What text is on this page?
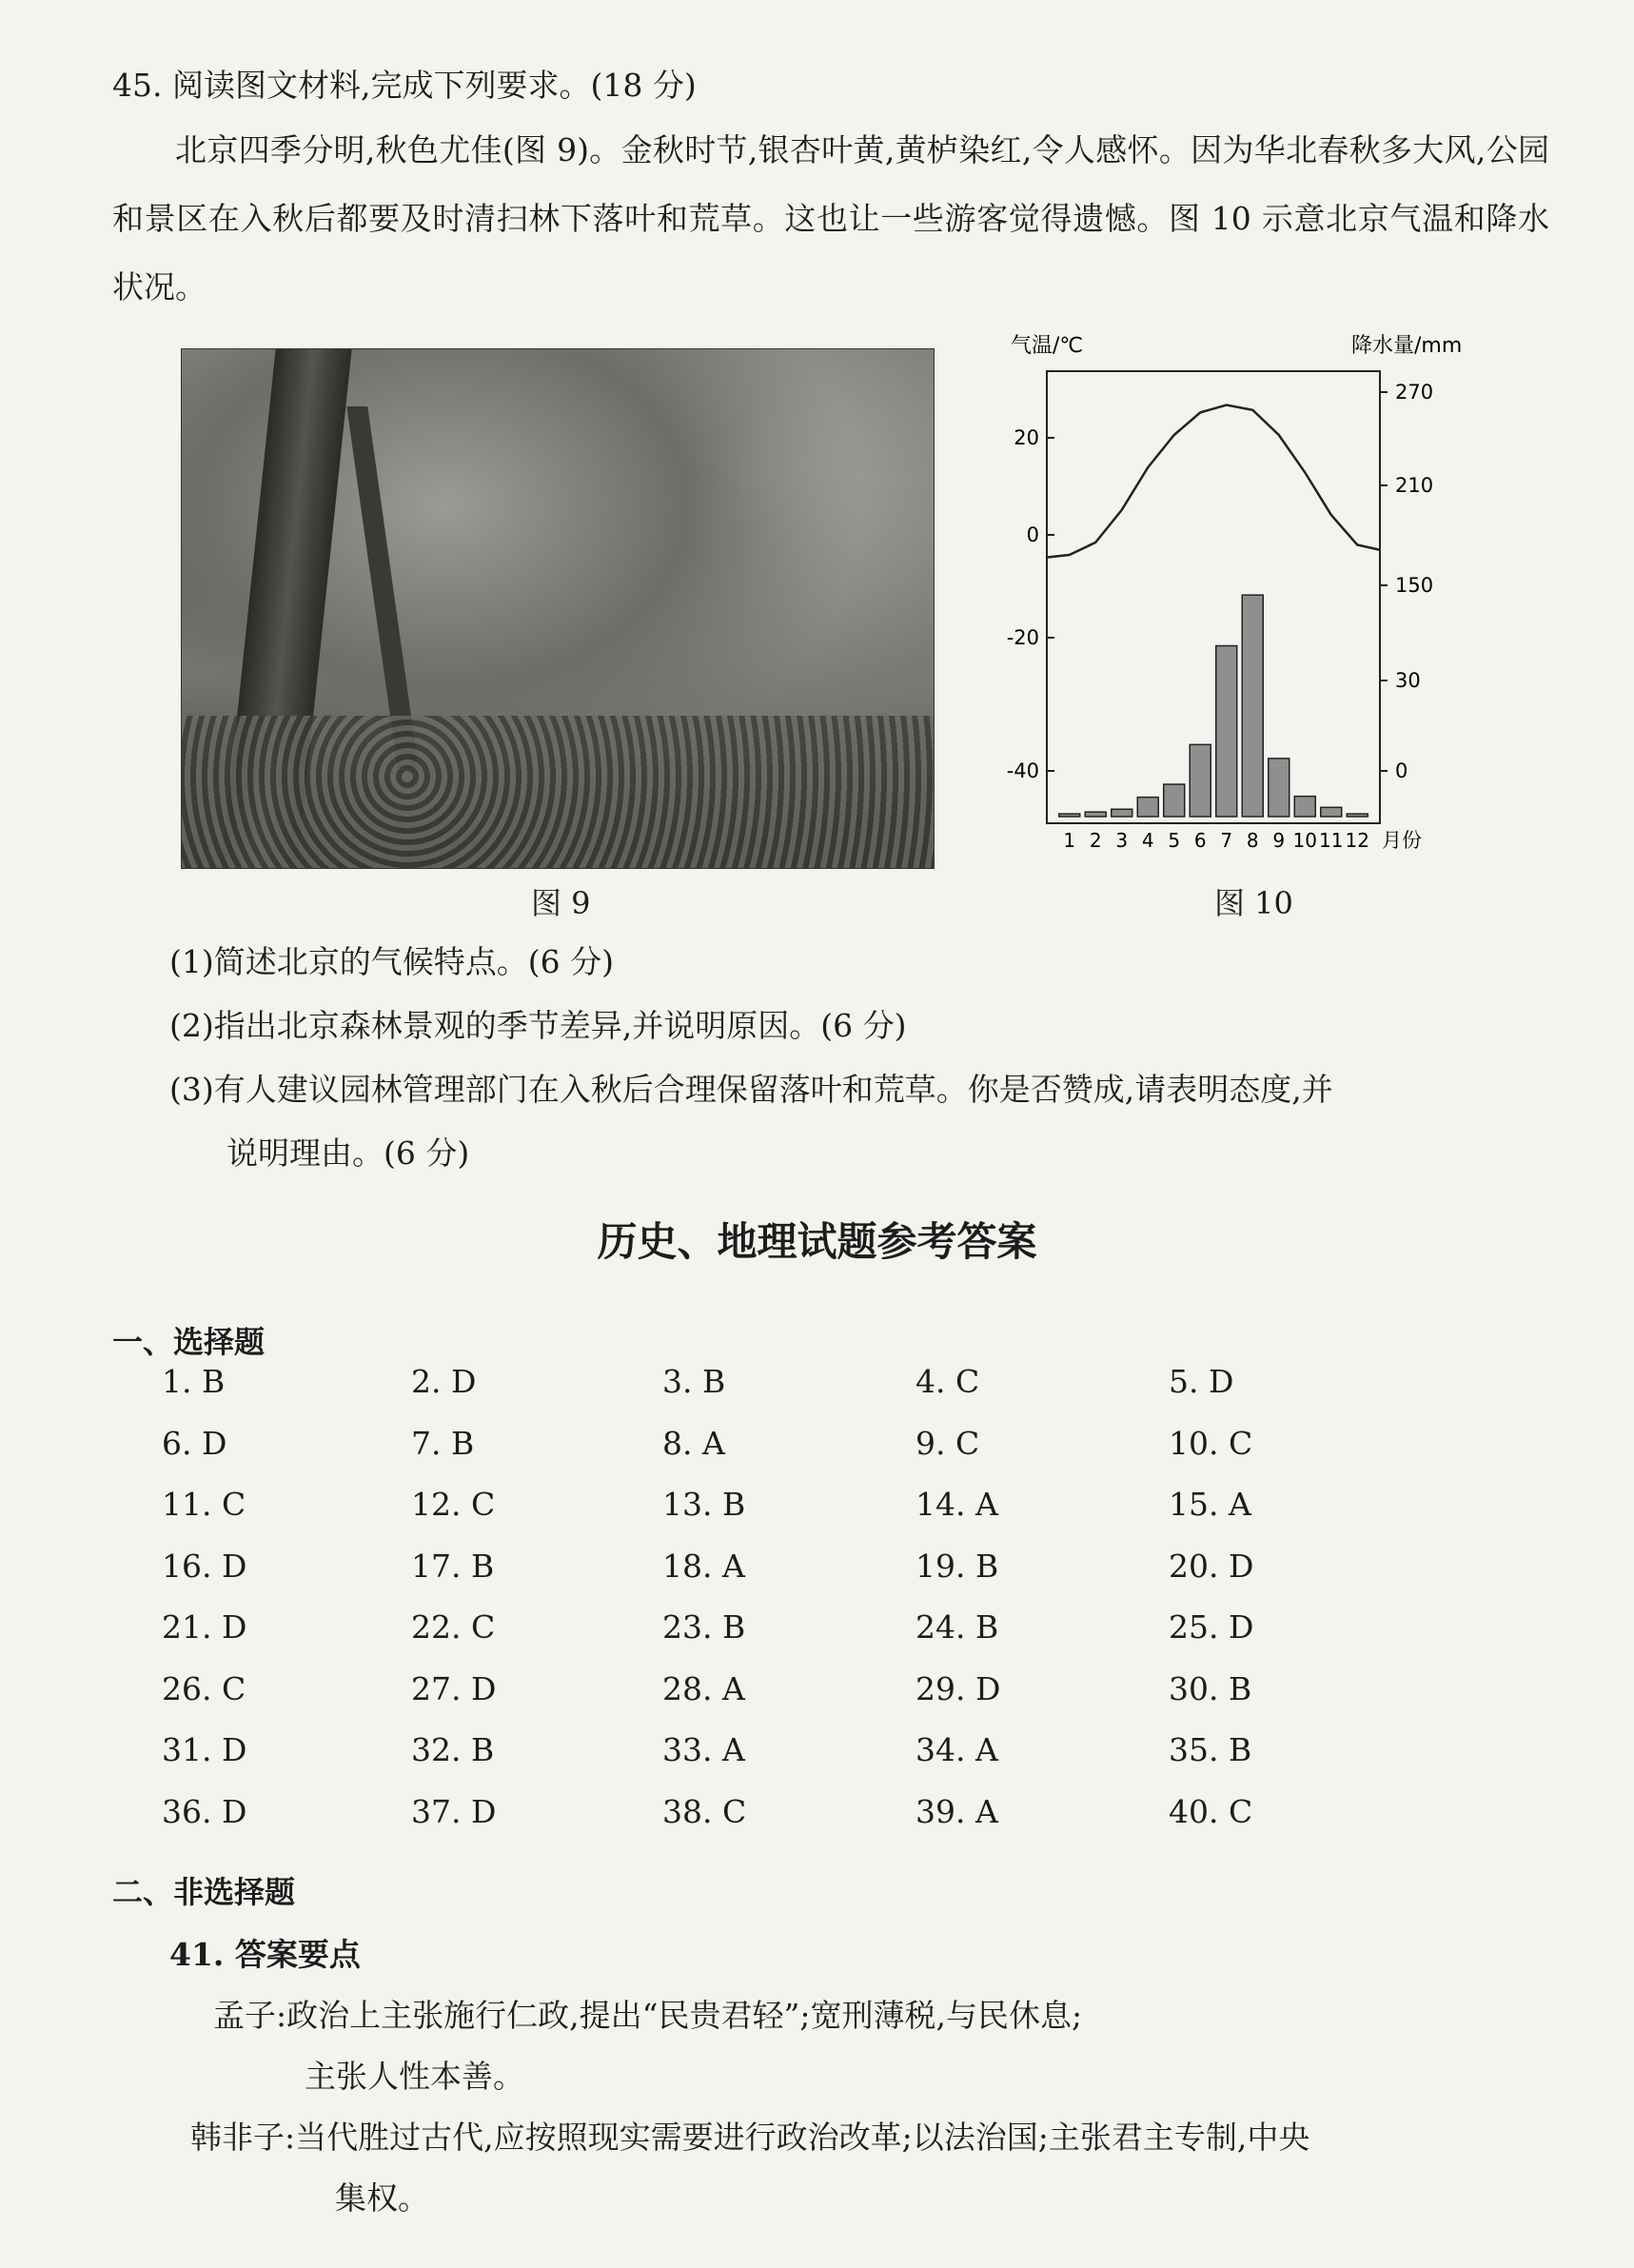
45. 阅读图文材料,完成下列要求。(18 分)
北京四季分明,秋色尤佳(图 9)。金秋时节,银杏叶黄,黄栌染红,令人感怀。因为华北春秋多大风,公园和景区在入秋后都要及时清扫林下落叶和荒草。这也让一些游客觉得遗憾。图 10 示意北京气温和降水状况。
图 9
气温/℃	降水量/mm
20
0
-20
-40
270
210
150
30
0
1 2 3 4 5 6 7 8 9 10 11 12 月份
图 10
(1)简述北京的气候特点。(6 分)
(2)指出北京森林景观的季节差异,并说明原因。(6 分)
(3)有人建议园林管理部门在入秋后合理保留落叶和荒草。你是否赞成,请表明态度,并
说明理由。(6 分)
历史、地理试题参考答案
一、选择题
1. B	2. D	3. B	4. C	5. D
6. D	7. B	8. A	9. C	10. C
11. C	12. C	13. B	14. A	15. A
16. D	17. B	18. A	19. B	20. D
21. D	22. C	23. B	24. B	25. D
26. C	27. D	28. A	29. D	30. B
31. D	32. B	33. A	34. A	35. B
36. D	37. D	38. C	39. A	40. C
二、非选择题
41. 答案要点
孟子:政治上主张施行仁政,提出“民贵君轻”;宽刑薄税,与民休息;
主张人性本善。
韩非子:当代胜过古代,应按照现实需要进行政治改革;以法治国;主张君主专制,中央
集权。
